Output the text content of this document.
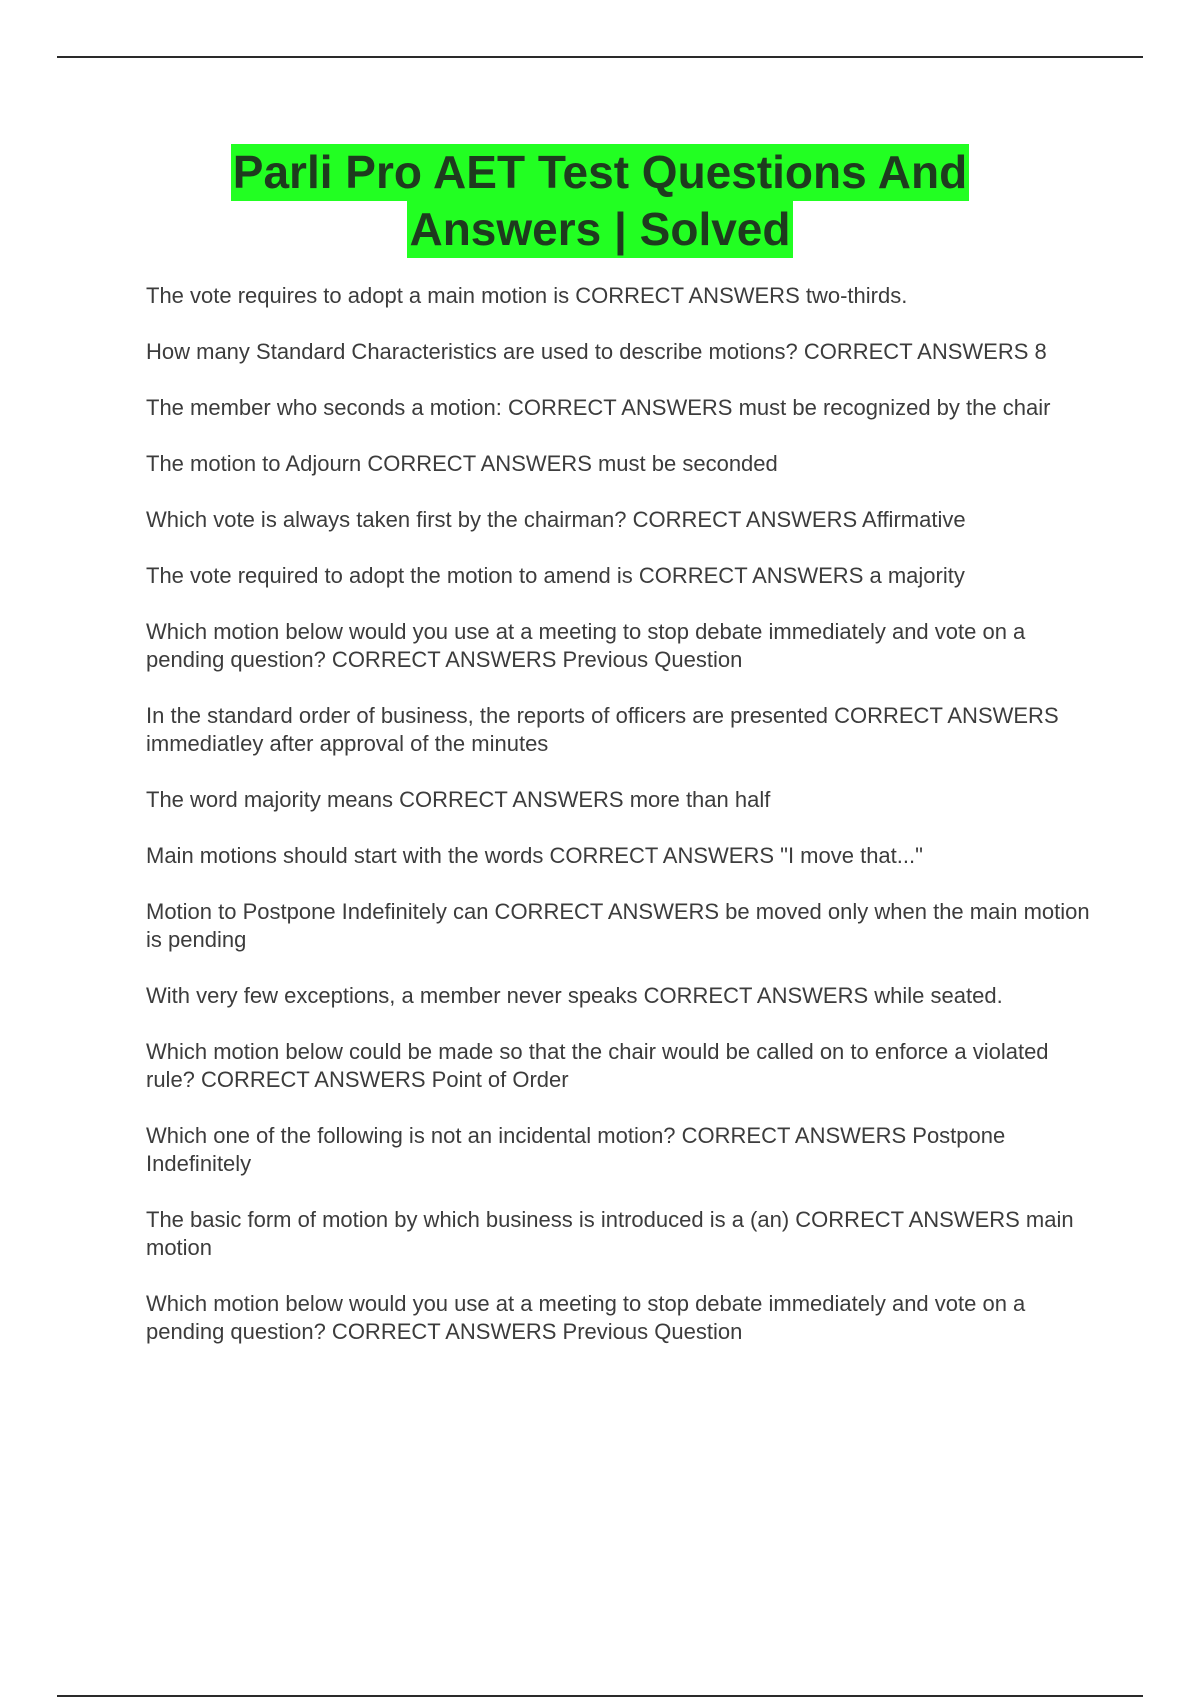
Parli Pro AET Test Questions And
Answers | Solved
The vote requires to adopt a main motion is CORRECT ANSWERS two-thirds.
How many Standard Characteristics are used to describe motions? CORRECT ANSWERS 8
The member who seconds a motion: CORRECT ANSWERS must be recognized by the chair
The motion to Adjourn CORRECT ANSWERS must be seconded
Which vote is always taken first by the chairman? CORRECT ANSWERS Affirmative
The vote required to adopt the motion to amend is CORRECT ANSWERS a majority
Which motion below would you use at a meeting to stop debate immediately and vote on a pending question? CORRECT ANSWERS Previous Question
In the standard order of business, the reports of officers are presented CORRECT ANSWERS immediatley after approval of the minutes
The word majority means CORRECT ANSWERS more than half
Main motions should start with the words CORRECT ANSWERS "I move that..."
Motion to Postpone Indefinitely can CORRECT ANSWERS be moved only when the main motion is pending
With very few exceptions, a member never speaks CORRECT ANSWERS while seated.
Which motion below could be made so that the chair would be called on to enforce a violated rule? CORRECT ANSWERS Point of Order
Which one of the following is not an incidental motion? CORRECT ANSWERS Postpone Indefinitely
The basic form of motion by which business is introduced is a (an) CORRECT ANSWERS main motion
Which motion below would you use at a meeting to stop debate immediately and vote on a pending question? CORRECT ANSWERS Previous Question
